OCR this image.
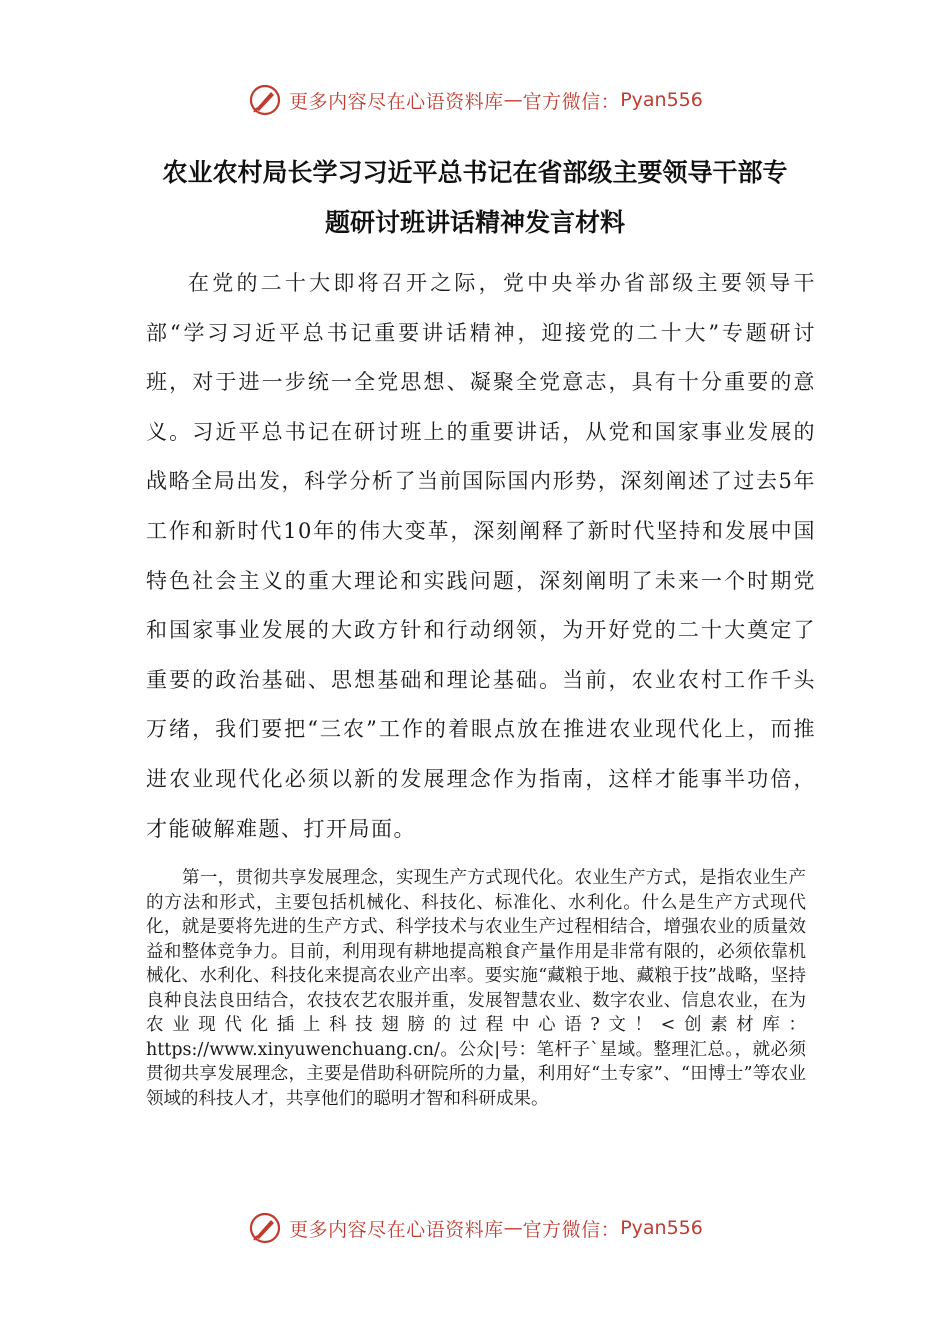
更多内容尽在心语资料库 — 官方微信： Pyan556
农业农村局长学习习近平总书记在省部级主要领导干部专
题研讨班讲话精神发言材料

在党的二十大即将召开之际，党中央举办省部级主要领导干部“学习习近平总书记重要讲话精神，迎接党的二十大”专题研讨班，对于进一步统一全党思想、凝聚全党意志，具有十分重要的意义。习近平总书记在研讨班上的重要讲话，从党和国家事业发展的战略全局出发，科学分析了当前国际国内形势，深刻阐述了过去5年工作和新时代10年的伟大变革，深刻阐释了新时代坚持和发展中国特色社会主义的重大理论和实践问题，深刻阐明了未来一个时期党和国家事业发展的大政方针和行动纲领，为开好党的二十大奠定了重要的政治基础、思想基础和理论基础。当前，农业农村工作千头万绪，我们要把“三农”工作的着眼点放在推进农业现代化上，而推进农业现代化必须以新的发展理念作为指南，这样才能事半功倍，才能破解难题、打开局面。

第一，贯彻共享发展理念，实现生产方式现代化。农业生产方式，是指农业生产的方法和形式，主要包括机械化、科技化、标准化、水利化。什么是生产方式现代化，就是要将先进的生产方式、科学技术与农业生产过程相结合，增强农业的质量效益和整体竞争力。目前，利用现有耕地提高粮食产量作用是非常有限的，必须依靠机械化、水利化、科技化来提高农业产出率。要实施“藏粮于地、藏粮于技”战略，坚持良种良法良田结合，农技农艺农服并重，发展智慧农业、数字农业、信息农业，在为农业现代化插上科技翅膀的过程中心语?文！<创素材库：https://www.xinyuwenchuang.cn/。公众|号：笔杆子`星域。整理汇总。，就必须贯彻共享发展理念，主要是借助科研院所的力量，利用好“土专家”、“田博士”等农业领域的科技人才，共享他们的聪明才智和科研成果。

更多内容尽在心语资料库 — 官方微信： Pyan556
